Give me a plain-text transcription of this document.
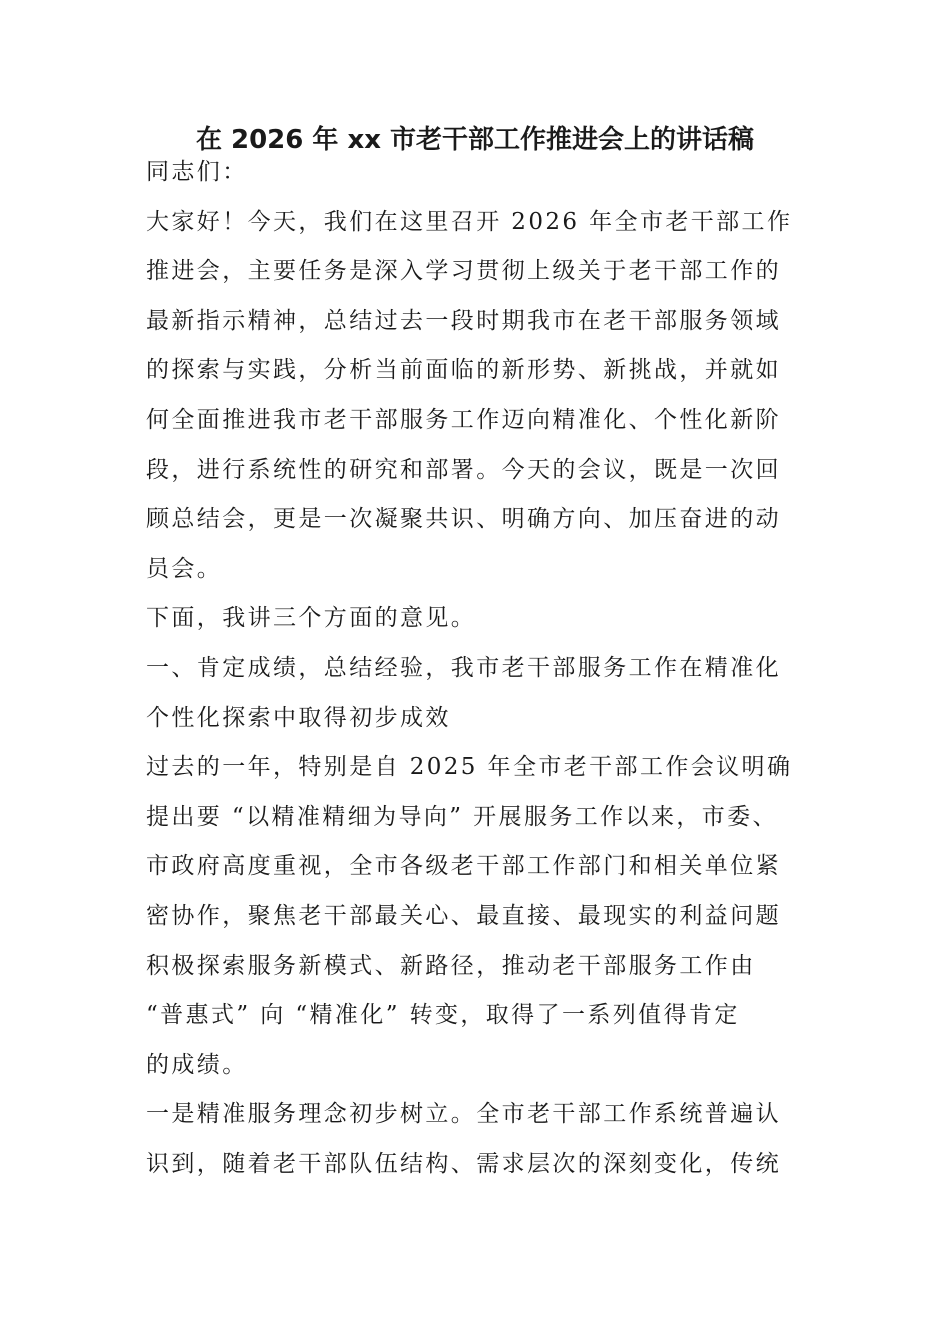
在 2026 年 xx 市老干部工作推进会上的讲话稿
同志们：
大家好！今天，我们在这里召开 2026 年全市老干部工作
推进会，主要任务是深入学习贯彻上级关于老干部工作的
最新指示精神，总结过去一段时期我市在老干部服务领域
的探索与实践，分析当前面临的新形势、新挑战，并就如
何全面推进我市老干部服务工作迈向精准化、个性化新阶
段，进行系统性的研究和部署。今天的会议，既是一次回
顾总结会，更是一次凝聚共识、明确方向、加压奋进的动
员会。
下面，我讲三个方面的意见。
一、肯定成绩，总结经验，我市老干部服务工作在精准化
个性化探索中取得初步成效
过去的一年，特别是自 2025 年全市老干部工作会议明确
提出要 “以精准精细为导向” 开展服务工作以来，市委、
市政府高度重视，全市各级老干部工作部门和相关单位紧
密协作，聚焦老干部最关心、最直接、最现实的利益问题
积极探索服务新模式、新路径，推动老干部服务工作由
“普惠式” 向 “精准化” 转变，取得了一系列值得肯定
的成绩。
一是精准服务理念初步树立。全市老干部工作系统普遍认
识到，随着老干部队伍结构、需求层次的深刻变化，传统
